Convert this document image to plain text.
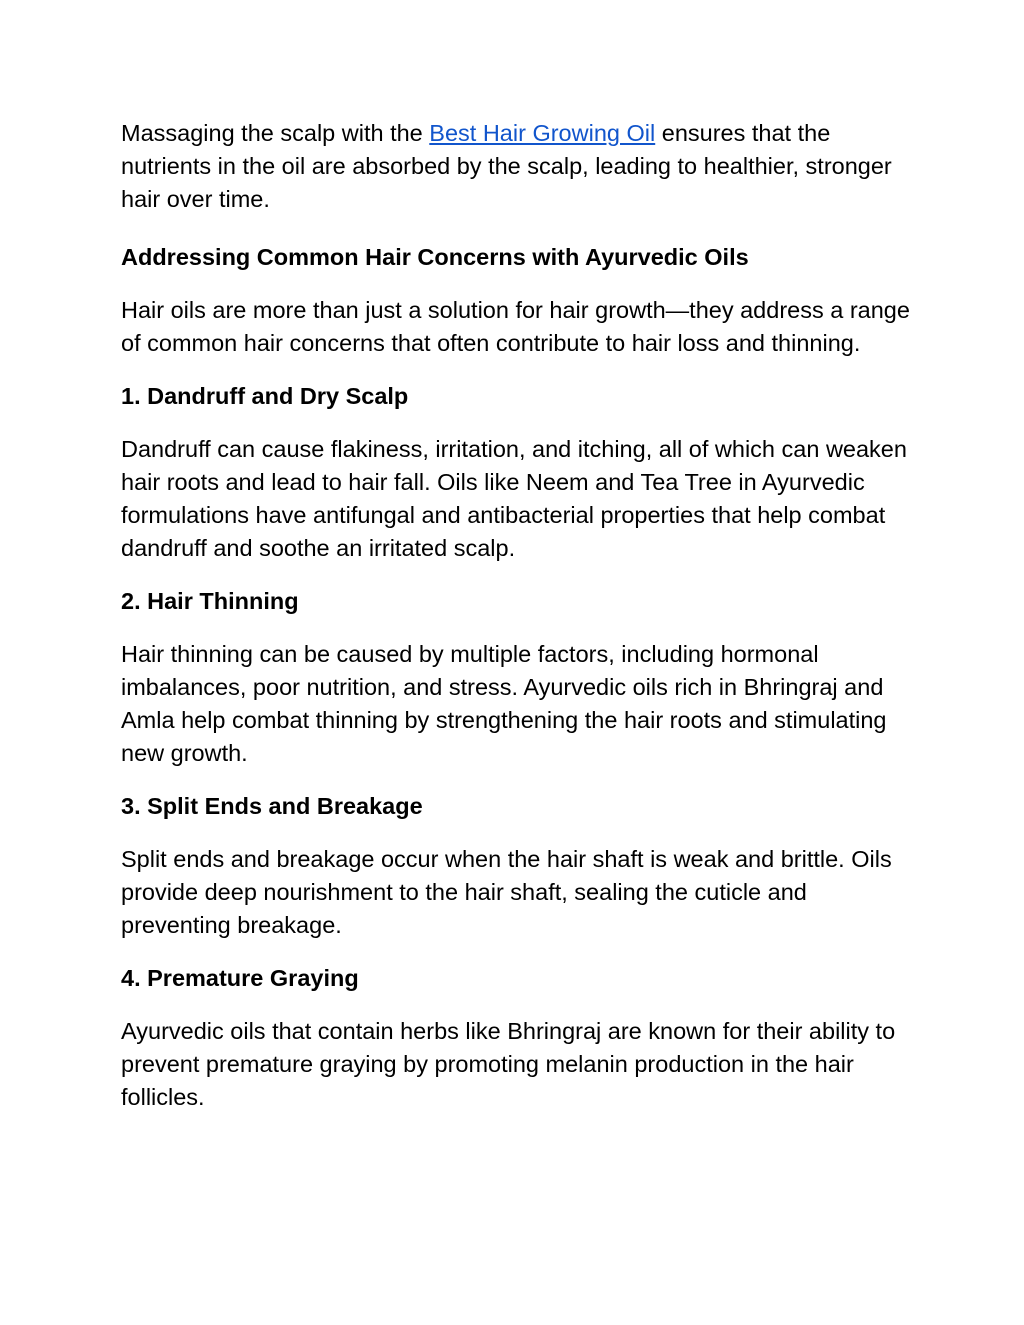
Massaging the scalp with the Best Hair Growing Oil ensures that the nutrients in the oil are absorbed by the scalp, leading to healthier, stronger hair over time.

Addressing Common Hair Concerns with Ayurvedic Oils

Hair oils are more than just a solution for hair growth—they address a range of common hair concerns that often contribute to hair loss and thinning.

1. Dandruff and Dry Scalp

Dandruff can cause flakiness, irritation, and itching, all of which can weaken hair roots and lead to hair fall. Oils like Neem and Tea Tree in Ayurvedic formulations have antifungal and antibacterial properties that help combat dandruff and soothe an irritated scalp.

2. Hair Thinning

Hair thinning can be caused by multiple factors, including hormonal imbalances, poor nutrition, and stress. Ayurvedic oils rich in Bhringraj and Amla help combat thinning by strengthening the hair roots and stimulating new growth.

3. Split Ends and Breakage

Split ends and breakage occur when the hair shaft is weak and brittle. Oils provide deep nourishment to the hair shaft, sealing the cuticle and preventing breakage.

4. Premature Graying

Ayurvedic oils that contain herbs like Bhringraj are known for their ability to prevent premature graying by promoting melanin production in the hair follicles.
